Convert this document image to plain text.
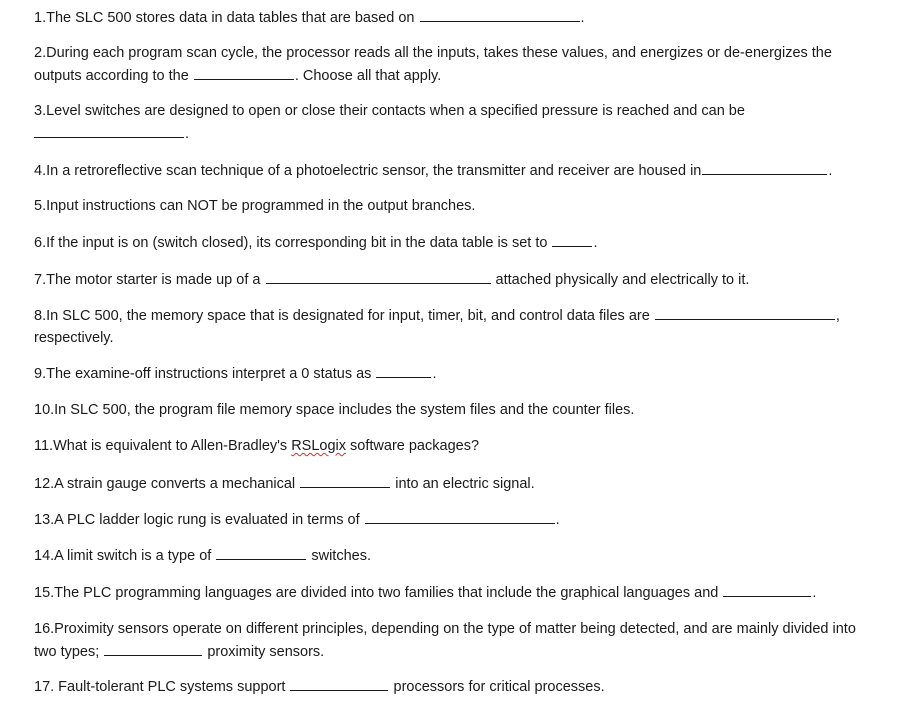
1.The SLC 500 stores data in data tables that are based on	.
2.During each program scan cycle, the processor reads all the inputs, takes these values, and energizes or de-energizes the outputs according to the	. Choose all that apply.
3.Level switches are designed to open or close their contacts when a specified pressure is reached and can be
.
4.In a retroreflective scan technique of a photoelectric sensor, the transmitter and receiver are housed in	.
5.Input instructions can NOT be programmed in the output branches.
6.If the input is on (switch closed), its corresponding bit in the data table is set to	.
7.The motor starter is made up of a	attached physically and electrically to it.
8.In SLC 500, the memory space that is designated for input, timer, bit, and control data files are	, respectively.
9.The examine-off instructions interpret a 0 status as	.
10.In SLC 500, the program file memory space includes the system files and the counter files.
11.What is equivalent to Allen-Bradley's RSLogix software packages?
12.A strain gauge converts a mechanical	into an electric signal.
13.A PLC ladder logic rung is evaluated in terms of	.
14.A limit switch is a type of	switches.
15.The PLC programming languages are divided into two families that include the graphical languages and	.
16.Proximity sensors operate on different principles, depending on the type of matter being detected, and are mainly divided into two types;	proximity sensors.
17. Fault-tolerant PLC systems support	processors for critical processes.
